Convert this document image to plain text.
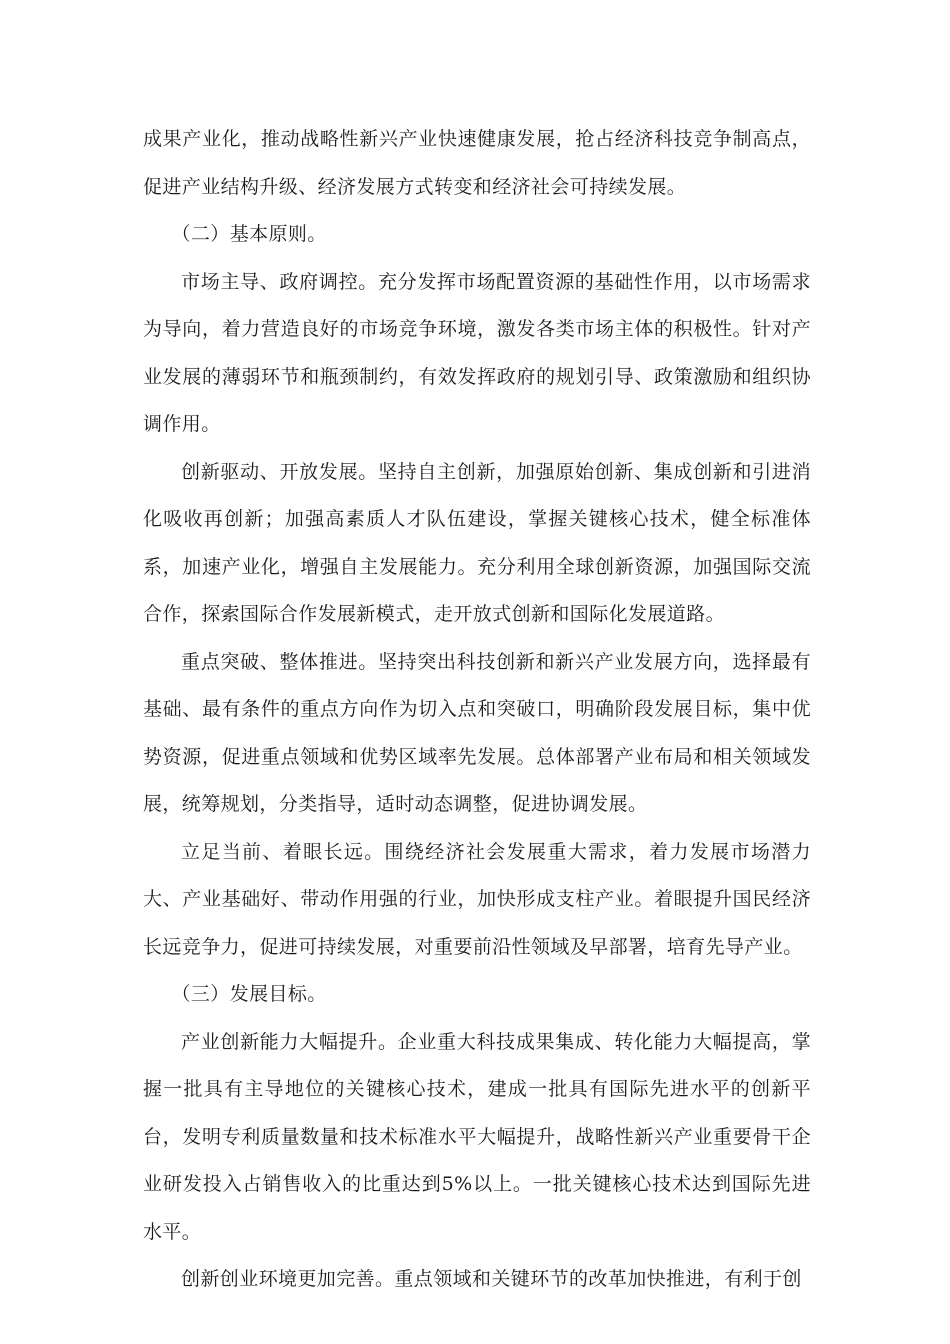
成果产业化，推动战略性新兴产业快速健康发展，抢占经济科技竞争制高点，促进产业结构升级、经济发展方式转变和经济社会可持续发展。

（二）基本原则。

市场主导、政府调控。充分发挥市场配置资源的基础性作用，以市场需求为导向，着力营造良好的市场竞争环境，激发各类市场主体的积极性。针对产业发展的薄弱环节和瓶颈制约，有效发挥政府的规划引导、政策激励和组织协调作用。

创新驱动、开放发展。坚持自主创新，加强原始创新、集成创新和引进消化吸收再创新；加强高素质人才队伍建设，掌握关键核心技术，健全标准体系，加速产业化，增强自主发展能力。充分利用全球创新资源，加强国际交流合作，探索国际合作发展新模式，走开放式创新和国际化发展道路。

重点突破、整体推进。坚持突出科技创新和新兴产业发展方向，选择最有基础、最有条件的重点方向作为切入点和突破口，明确阶段发展目标，集中优势资源，促进重点领域和优势区域率先发展。总体部署产业布局和相关领域发展，统筹规划，分类指导，适时动态调整，促进协调发展。

立足当前、着眼长远。围绕经济社会发展重大需求，着力发展市场潜力大、产业基础好、带动作用强的行业，加快形成支柱产业。着眼提升国民经济长远竞争力，促进可持续发展，对重要前沿性领域及早部署，培育先导产业。

（三）发展目标。

产业创新能力大幅提升。企业重大科技成果集成、转化能力大幅提高，掌握一批具有主导地位的关键核心技术，建成一批具有国际先进水平的创新平台，发明专利质量数量和技术标准水平大幅提升，战略性新兴产业重要骨干企业研发投入占销售收入的比重达到5%以上。一批关键核心技术达到国际先进水平。

创新创业环境更加完善。重点领域和关键环节的改革加快推进，有利于创
